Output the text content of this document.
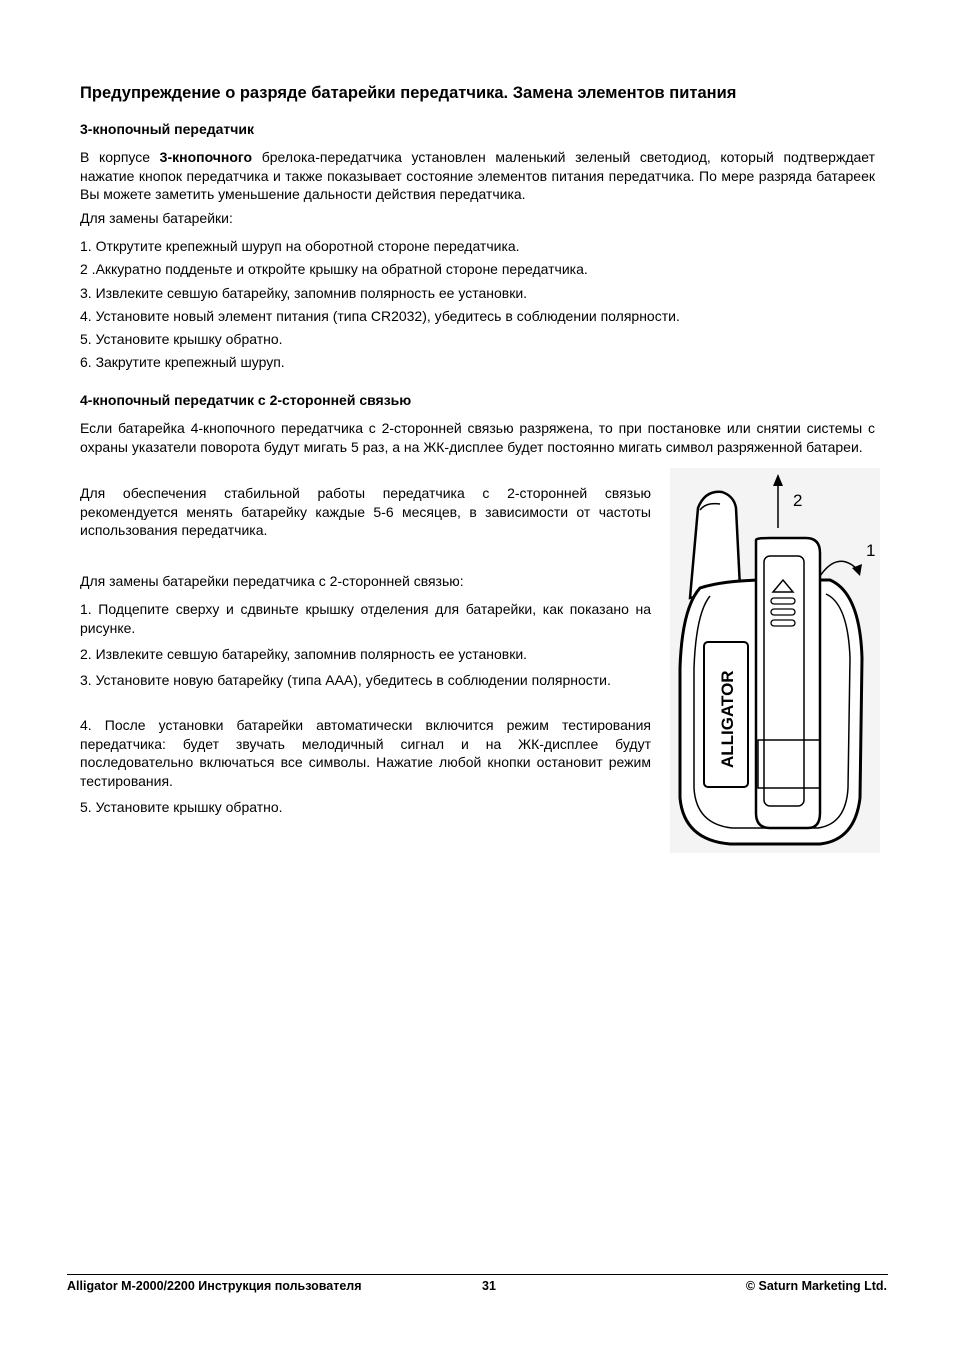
Предупреждение о разряде батарейки передатчика. Замена элементов питания
3-кнопочный передатчик

В корпусе 3-кнопочного брелока-передатчика установлен маленький зеленый светодиод, который подтверждает нажатие кнопок передатчика и также показывает состояние элементов питания передатчика. По мере разряда батареек Вы можете заметить уменьшение дальности действия передатчика.

Для замены батарейки:
1. Открутите крепежный шуруп на оборотной стороне передатчика.
2 .Аккуратно подденьте и откройте крышку на обратной стороне передатчика.
3. Извлеките севшую батарейку, запомнив полярность ее установки.
4. Установите новый элемент питания (типа CR2032), убедитесь в соблюдении полярности.
5. Установите крышку обратно.
6. Закрутите крепежный шуруп.
4-кнопочный передатчик с 2-сторонней связью

Если батарейка 4-кнопочного передатчика с 2-сторонней связью разряжена, то при постановке или снятии системы с охраны указатели поворота будут мигать 5 раз, а на ЖК-дисплее будет постоянно мигать символ разряженной батареи.

Для обеспечения стабильной работы передатчика с 2-сторонней связью рекомендуется менять батарейку каждые 5-6 месяцев, в зависимости от частоты использования передатчика.

Для замены батарейки передатчика с 2-сторонней связью:

1. Подцепите сверху и сдвиньте крышку отделения для батарейки, как показано на рисунке.

2. Извлеките севшую батарейку, запомнив полярность ее установки.

3. Установите новую батарейку (типа ААА), убедитесь в соблюдении полярности.

4. После установки батарейки автоматически включится режим тестирования передатчика: будет звучать мелодичный сигнал и на ЖК-дисплее будут последовательно включаться все символы. Нажатие любой кнопки остановит режим тестирования.

5. Установите крышку обратно.

ALLIGATOR
2
1
Alligator M-2000/2200 Инструкция пользователя	31	© Saturn Marketing Ltd.
